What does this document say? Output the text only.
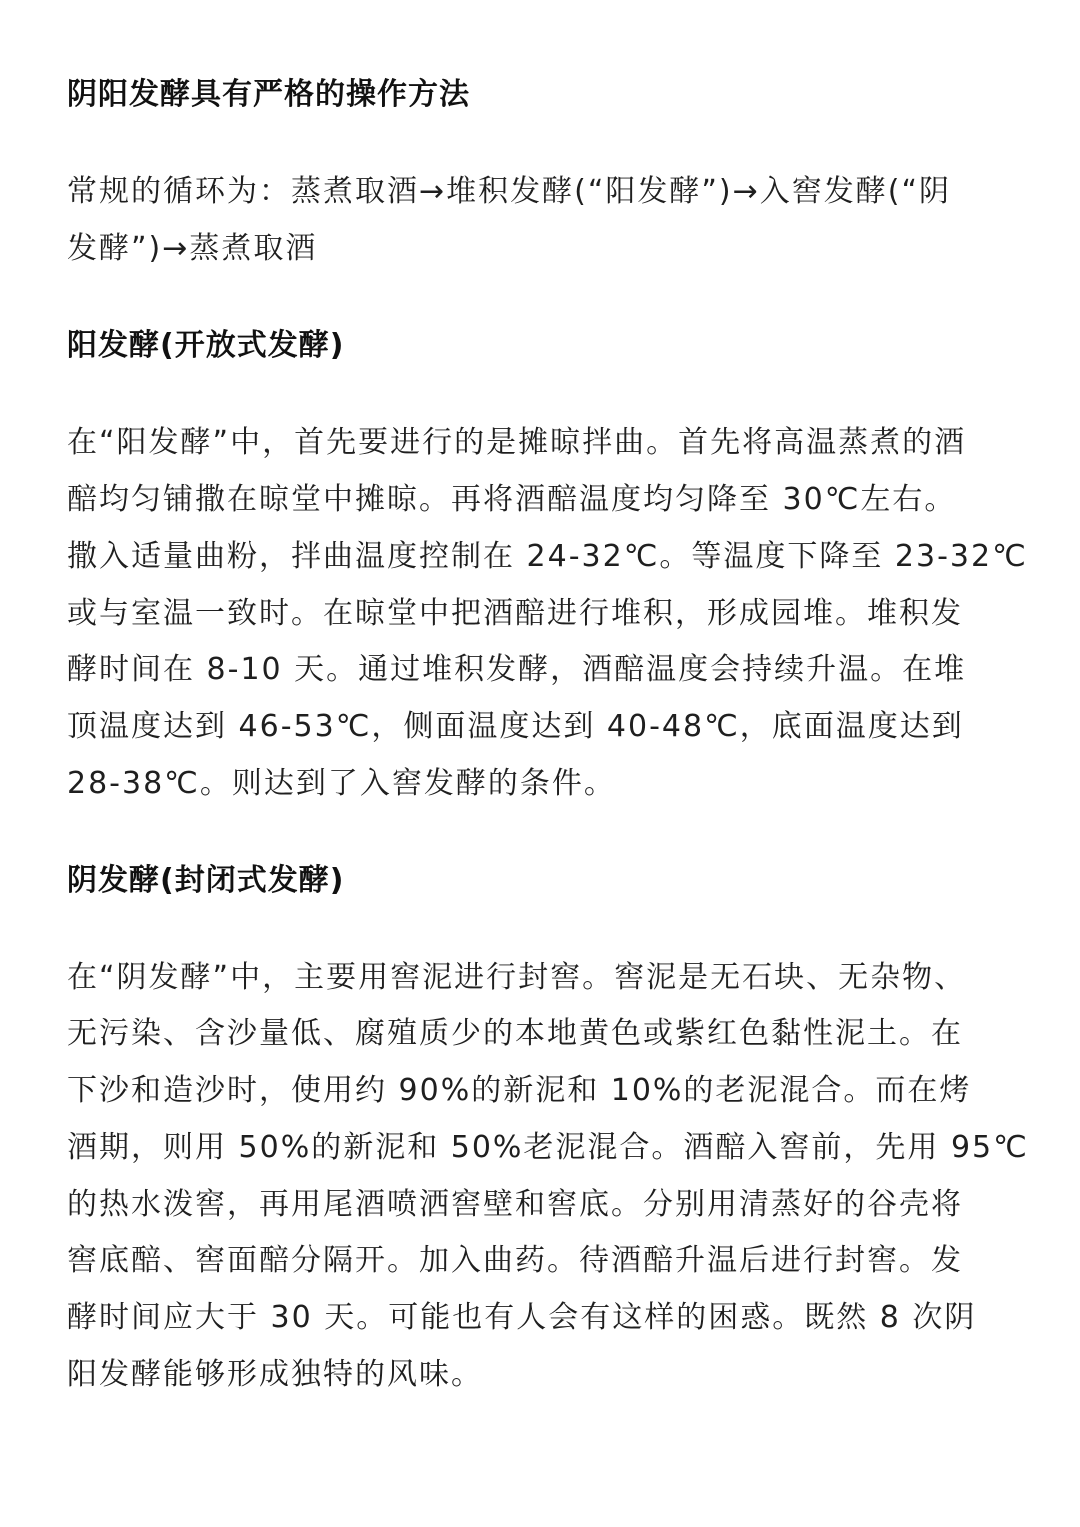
阴阳发酵具有严格的操作方法

常规的循环为：蒸煮取酒→堆积发酵(“阳发酵”)→入窖发酵(“阴

发酵”)→蒸煮取酒

阳发酵(开放式发酵)

在“阳发酵”中，首先要进行的是摊晾拌曲。首先将高温蒸煮的酒

醅均匀铺撒在晾堂中摊晾。再将酒醅温度均匀降至 30℃左右。

撒入适量曲粉，拌曲温度控制在 24-32℃。等温度下降至 23-32℃

或与室温一致时。在晾堂中把酒醅进行堆积，形成园堆。堆积发

酵时间在 8-10 天。通过堆积发酵，酒醅温度会持续升温。在堆

顶温度达到 46-53℃，侧面温度达到 40-48℃，底面温度达到

28-38℃。则达到了入窖发酵的条件。

阴发酵(封闭式发酵)

在“阴发酵”中，主要用窖泥进行封窖。窖泥是无石块、无杂物、

无污染、含沙量低、腐殖质少的本地黄色或紫红色黏性泥土。在

下沙和造沙时，使用约 90%的新泥和 10%的老泥混合。而在烤

酒期，则用 50%的新泥和 50%老泥混合。酒醅入窖前，先用 95℃

的热水泼窖，再用尾酒喷洒窖壁和窖底。分别用清蒸好的谷壳将

窖底醅、窖面醅分隔开。加入曲药。待酒醅升温后进行封窖。发

酵时间应大于 30 天。可能也有人会有这样的困惑。既然 8 次阴

阳发酵能够形成独特的风味。
